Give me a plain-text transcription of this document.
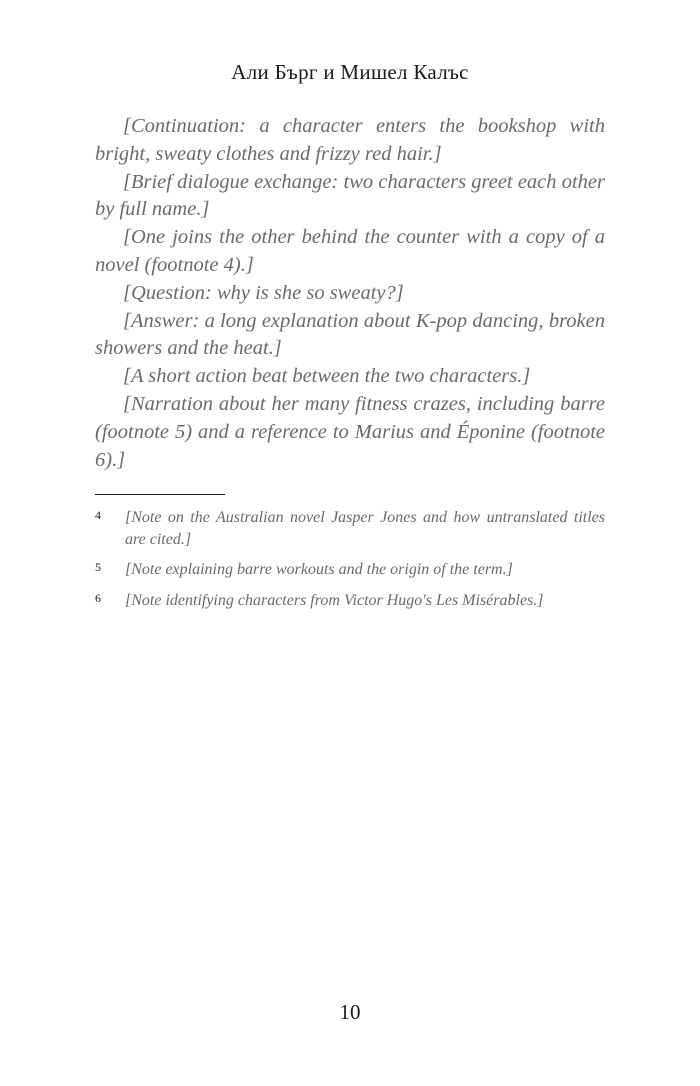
Али Бърг и Мишел Калъс

[Continuation: a character enters the bookshop with bright, sweaty clothes and frizzy red hair.]

[Brief dialogue exchange: two characters greet each other by full name.]

[One joins the other behind the counter with a copy of a novel (footnote 4).]

[Question: why is she so sweaty?]

[Answer: a long explanation about K-pop dancing, broken showers and the heat.]

[A short action beat between the two characters.]

[Narration about her many fitness crazes, including barre (footnote 5) and a reference to Marius and Éponine (footnote 6).]

4	[Note on the Australian novel Jasper Jones and how untranslated titles are cited.]
5	[Note explaining barre workouts and the origin of the term.]
6	[Note identifying characters from Victor Hugo's Les Misérables.]
10
